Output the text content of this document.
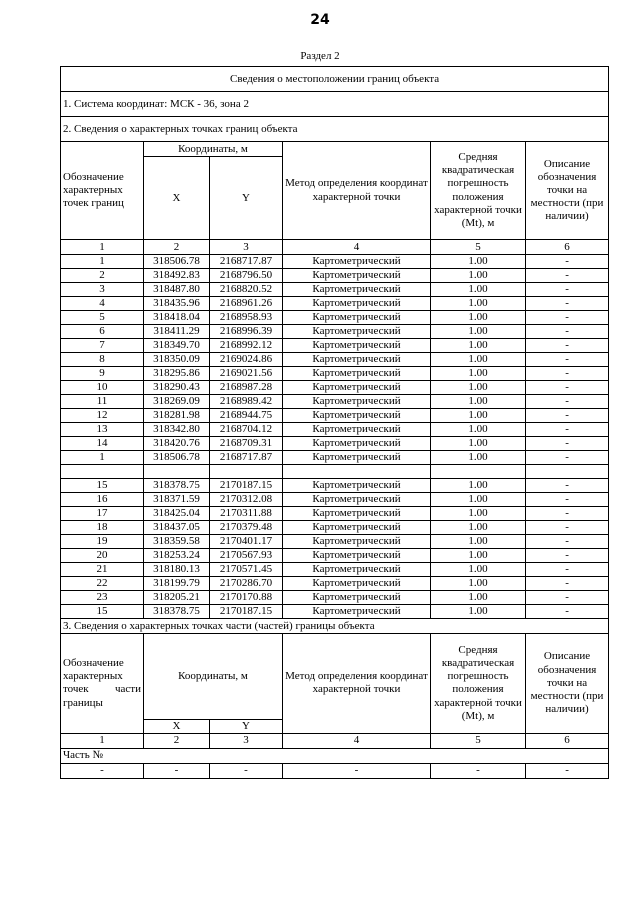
24
Раздел 2
Сведения о местоположении границ объекта					
1. Система координат: МСК - 36, зона 2					
2. Сведения о характерных точках границ объекта					
Обозначение характерных точек границ	Координаты, м		Метод определения координат характерной точки	Средняя квадратическая погрешность положения характерной точки (Mt), м	Описание обозначения точки на местности (при наличии)
	X	Y			
1	2	3	4	5	6
1	318506.78	2168717.87	Картометрический	1.00	-
2	318492.83	2168796.50	Картометрический	1.00	-
3	318487.80	2168820.52	Картометрический	1.00	-
4	318435.96	2168961.26	Картометрический	1.00	-
5	318418.04	2168958.93	Картометрический	1.00	-
6	318411.29	2168996.39	Картометрический	1.00	-
7	318349.70	2168992.12	Картометрический	1.00	-
8	318350.09	2169024.86	Картометрический	1.00	-
9	318295.86	2169021.56	Картометрический	1.00	-
10	318290.43	2168987.28	Картометрический	1.00	-
11	318269.09	2168989.42	Картометрический	1.00	-
12	318281.98	2168944.75	Картометрический	1.00	-
13	318342.80	2168704.12	Картометрический	1.00	-
14	318420.76	2168709.31	Картометрический	1.00	-
1	318506.78	2168717.87	Картометрический	1.00	-

15	318378.75	2170187.15	Картометрический	1.00	-
16	318371.59	2170312.08	Картометрический	1.00	-
17	318425.04	2170311.88	Картометрический	1.00	-
18	318437.05	2170379.48	Картометрический	1.00	-
19	318359.58	2170401.17	Картометрический	1.00	-
20	318253.24	2170567.93	Картометрический	1.00	-
21	318180.13	2170571.45	Картометрический	1.00	-
22	318199.79	2170286.70	Картометрический	1.00	-
23	318205.21	2170170.88	Картометрический	1.00	-
15	318378.75	2170187.15	Картометрический	1.00	-
3. Сведения о характерных точках части (частей) границы объекта					
Обозначение характерных точек части границы	Координаты, м		Метод определения координат характерной точки	Средняя квадратическая погрешность положения характерной точки (Mt), м	Описание обозначения точки на местности (при наличии)
	X	Y			
1	2	3	4	5	6
Часть №					
-	-	-	-	-	-
